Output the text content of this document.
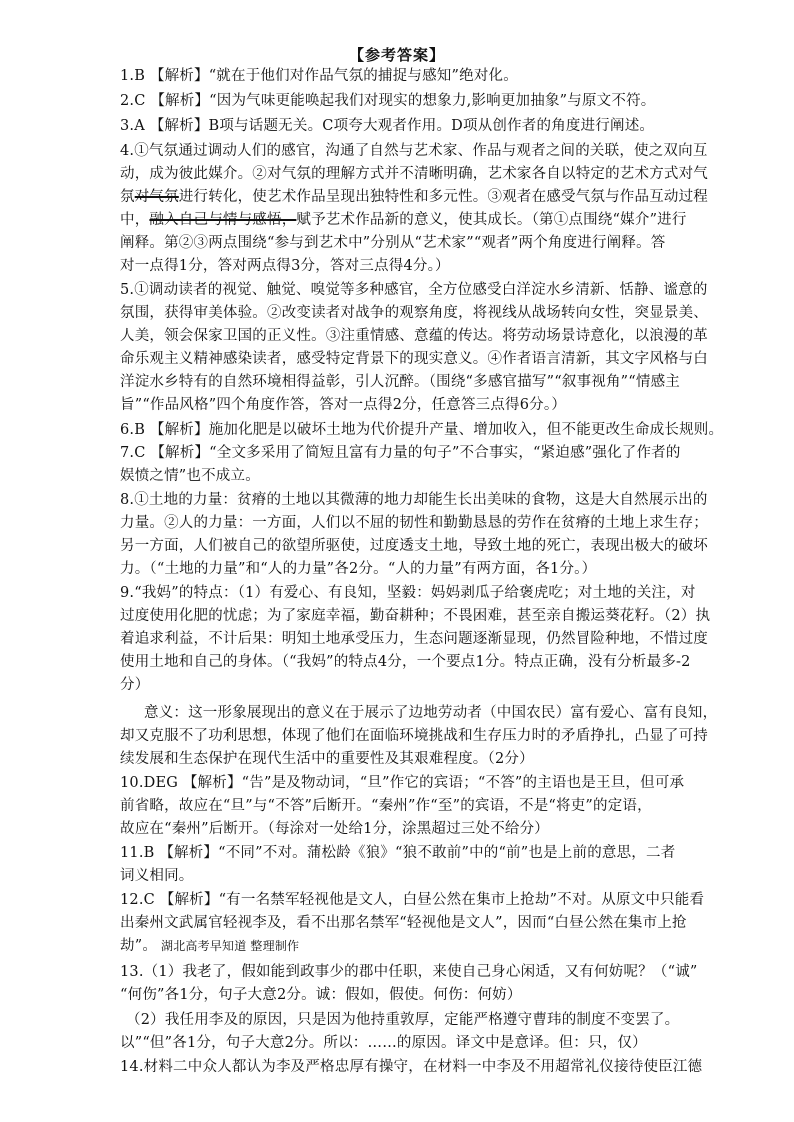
【参考答案】
1.B 【解析】“就在于他们对作品气氛的捕捉与感知”绝对化。
2.C 【解析】“因为气味更能唤起我们对现实的想象力,影响更加抽象”与原文不符。
3.A 【解析】B项与话题无关。C项夸大观者作用。D项从创作者的角度进行阐述。
4.①气氛通过调动人们的感官，沟通了自然与艺术家、作品与观者之间的关联，使之双向互
动，成为彼此媒介。②对气氛的理解方式并不清晰明确，艺术家各自以特定的艺术方式对气
氛对气氛进行转化，使艺术作品呈现出独特性和多元性。③观者在感受气氛与作品互动过程
中，融入自己与情与感悟，赋予艺术作品新的意义，使其成长。（第①点围绕“媒介”进行
阐释。第②③两点围绕“参与到艺术中”分别从“艺术家”“观者”两个角度进行阐释。答
对一点得1分，答对两点得3分，答对三点得4分。）
5.①调动读者的视觉、触觉、嗅觉等多种感官，全方位感受白洋淀水乡清新、恬静、谧意的
氛围，获得审美体验。②改变读者对战争的观察角度，将视线从战场转向女性，突显景美、
人美，领会保家卫国的正义性。③注重情感、意蕴的传达。将劳动场景诗意化，以浪漫的革
命乐观主义精神感染读者，感受特定背景下的现实意义。④作者语言清新，其文字风格与白
洋淀水乡特有的自然环境相得益彰，引人沉醉。（围绕“多感官描写”“叙事视角”“情感主
旨”“作品风格”四个角度作答，答对一点得2分，任意答三点得6分。）
6.B 【解析】施加化肥是以破坏土地为代价提升产量、增加收入，但不能更改生命成长规则。
7.C 【解析】“全文多采用了简短且富有力量的句子”不合事实，“紧迫感”强化了作者的
娱愤之情”也不成立。
8.①土地的力量：贫瘠的土地以其微薄的地力却能生长出美味的食物，这是大自然展示出的
力量。②人的力量：一方面，人们以不屈的韧性和勤勤恳恳的劳作在贫瘠的土地上求生存；
另一方面，人们被自己的欲望所驱使，过度透支土地，导致土地的死亡，表现出极大的破坏
力。（“土地的力量”和“人的力量”各2分。“人的力量”有两方面，各1分。）
9.“我妈”的特点：（1）有爱心、有良知，坚毅：妈妈剥瓜子给褒虎吃；对土地的关注，对
过度使用化肥的忧虑；为了家庭幸福，勤奋耕种；不畏困难，甚至亲自搬运葵花籽。（2）执
着追求利益，不计后果：明知土地承受压力，生态问题逐渐显现，仍然冒险种地，不惜过度
使用土地和自己的身体。（“我妈”的特点4分，一个要点1分。特点正确，没有分析最多-2
分）
意义：这一形象展现出的意义在于展示了边地劳动者（中国农民）富有爱心、富有良知，
却又克服不了功利思想，体现了他们在面临环境挑战和生存压力时的矛盾挣扎，凸显了可持
续发展和生态保护在现代生活中的重要性及其艰难程度。（2分）
10.DEG 【解析】“告”是及物动词，“旦”作它的宾语；“不答”的主语也是王旦，但可承
前省略，故应在“旦”与“不答”后断开。“秦州”作“至”的宾语，不是“将吏”的定语，
故应在“秦州”后断开。（每涂对一处给1分，涂黑超过三处不给分）
11.B 【解析】“不同”不对。蒲松龄《狼》“狼不敢前”中的“前”也是上前的意思，二者
词义相同。
12.C 【解析】“有一名禁军轻视他是文人，白昼公然在集市上抢劫”不对。从原文中只能看
出秦州文武属官轻视李及，看不出那名禁军“轻视他是文人”，因而“白昼公然在集市上抢
劫”。 湖北高考早知道 整理制作
13.（1）我老了，假如能到政事少的郡中任职，来使自己身心闲适，又有何妨呢？（“诚”
“何伤”各1分，句子大意2分。诚：假如，假使。何伤：何妨）
（2）我任用李及的原因，只是因为他持重敦厚，定能严格遵守曹玮的制度不变罢了。
以”“但”各1分，句子大意2分。所以：……的原因。译文中是意译。但：只，仅）
14.材料二中众人都认为李及严格忠厚有操守，在材料一中李及不用超常礼仪接待使臣江德
